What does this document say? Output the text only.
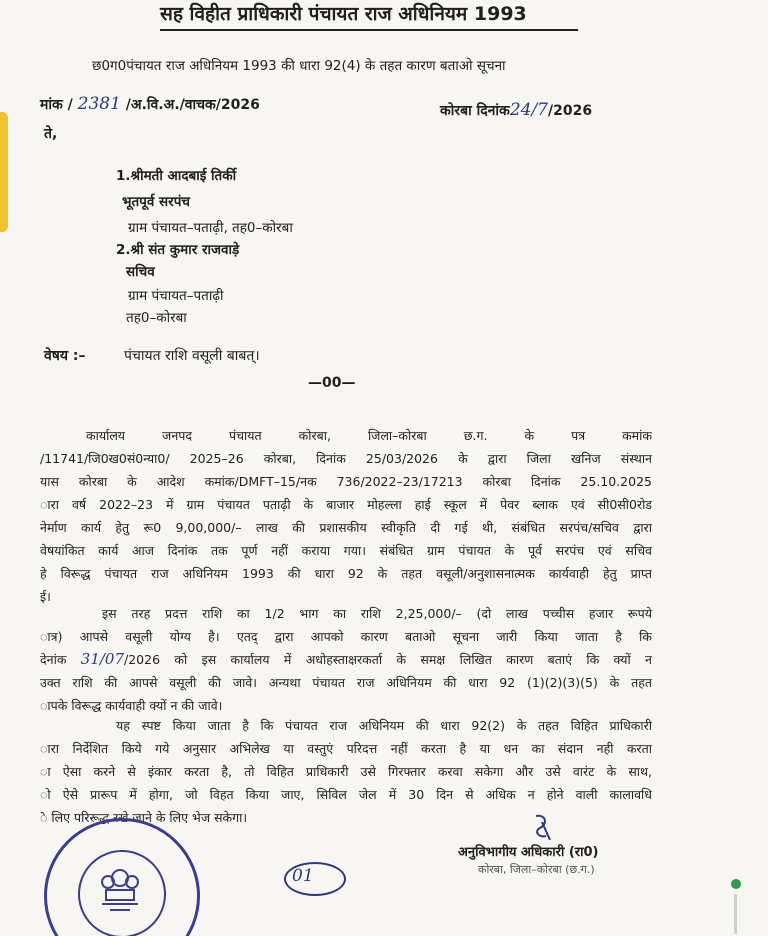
सह विहीत प्राधिकारी पंचायत राज अधिनियम 1993
छ0ग0पंचायत राज अधिनियम 1993 की धारा 92(4) के तहत कारण बताओ सूचना
मांक / 2381 /अ.वि.अ./वाचक/2026	कोरबा दिनांक24/7/2026
ते,
1.श्रीमती आदबाई तिर्की
भूतपूर्व सरपंच
ग्राम पंचायत–पताढ़ी, तह0–कोरबा
2.श्री संत कुमार राजवाड़े
सचिव
ग्राम पंचायत–पताढ़ी
तह0–कोरबा
वेषय :–	पंचायत राशि वसूली बाबत्।
—00—
कार्यालय जनपद पंचायत कोरबा, जिला–कोरबा छ.ग. के पत्र कमांक
/11741/जि0ख0सं0न्या0/ 2025–26 कोरबा, दिनांक 25/03/2026 के द्वारा जिला खनिज संस्थान
यास कोरबा के आदेश कमांक/DMFT–15/नक 736/2022–23/17213 कोरबा दिनांक 25.10.2025
ारा वर्ष 2022–23 में ग्राम पंचायत पताढ़ी के बाजार मोहल्ला हाई स्कूल में पेवर ब्लाक एवं सी0सी0रोड
नेर्माण कार्य हेतु रू0 9,00,000/– लाख की प्रशासकीय स्वीकृति दी गई थी, संबंधित सरपंच/सचिव द्वारा
वेषयांकित कार्य आज दिनांक तक पूर्ण नहीं कराया गया। संबंधित ग्राम पंचायत के पूर्व सरपंच एवं सचिव
हे विरूद्ध पंचायत राज अधिनियम 1993 की धारा 92 के तहत वसूली/अनुशासनात्मक कार्यवाही हेतु प्राप्त
ई।
इस तरह प्रदत्त राशि का 1/2 भाग का राशि 2,25,000/– (दो लाख पच्चीस हजार रूपये
ात्र) आपसे वसूली योग्य है। एतद् द्वारा आपको कारण बताओ सूचना जारी किया जाता है कि
देनांक 31/07/2026 को इस कार्यालय में अधोहस्ताक्षरकर्ता के समक्ष लिखित कारण बताएं कि क्यों न
उक्त राशि की आपसे वसूली की जावे। अन्यथा पंचायत राज अधिनियम की धारा 92 (1)(2)(3)(5) के तहत
ापके विरूद्ध कार्यवाही क्यों न की जावे।
यह स्पष्ट किया जाता है कि पंचायत राज अधिनियम की धारा 92(2) के तहत विहित प्राधिकारी
ारा निर्देशित किये गये अनुसार अभिलेख या वस्तुएं परिदत्त नहीं करता है या धन का संदान नही करता
ा ऐसा करने से इंकार करता है, तो विहित प्राधिकारी उसे गिरफ्तार करवा सकेगा और उसे वारंट के साथ,
ो ऐसे प्रारूप में होगा, जो विहत किया जाए, सिविल जेल में 30 दिन से अधिक न होने वाली कालावधि
े लिए परिरूद्ध रखे जाने के लिए भेज सकेगा।
अनुविभागीय अधिकारी (रा0)
कोरबा, जिला–कोरबा (छ.ग.)
01
